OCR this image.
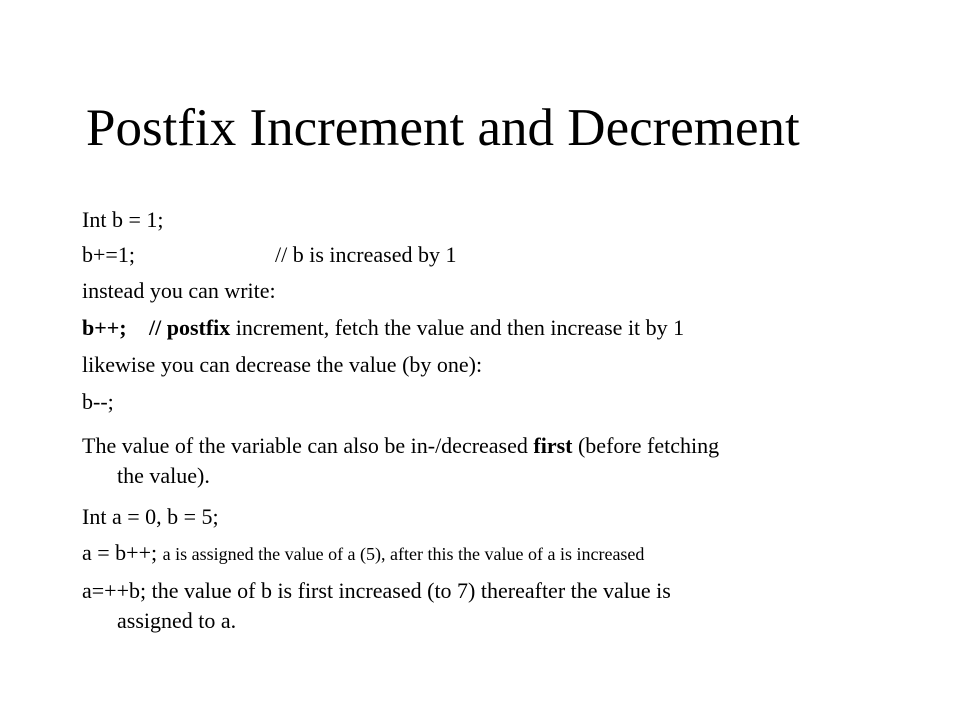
Postfix Increment and Decrement

Int b = 1;

b+=1;	// b is increased by 1

instead you can write:

b++; // postfix increment, fetch the value and then increase it by 1

likewise you can decrease the value (by one):

b--;

The value of the variable can also be in-/decreased first (before fetching
the value).

Int a = 0, b = 5;

a = b++; a is assigned the value of a (5), after this the value of a is increased

a=++b; the value of b is first increased (to 7) thereafter the value is
assigned to a.
